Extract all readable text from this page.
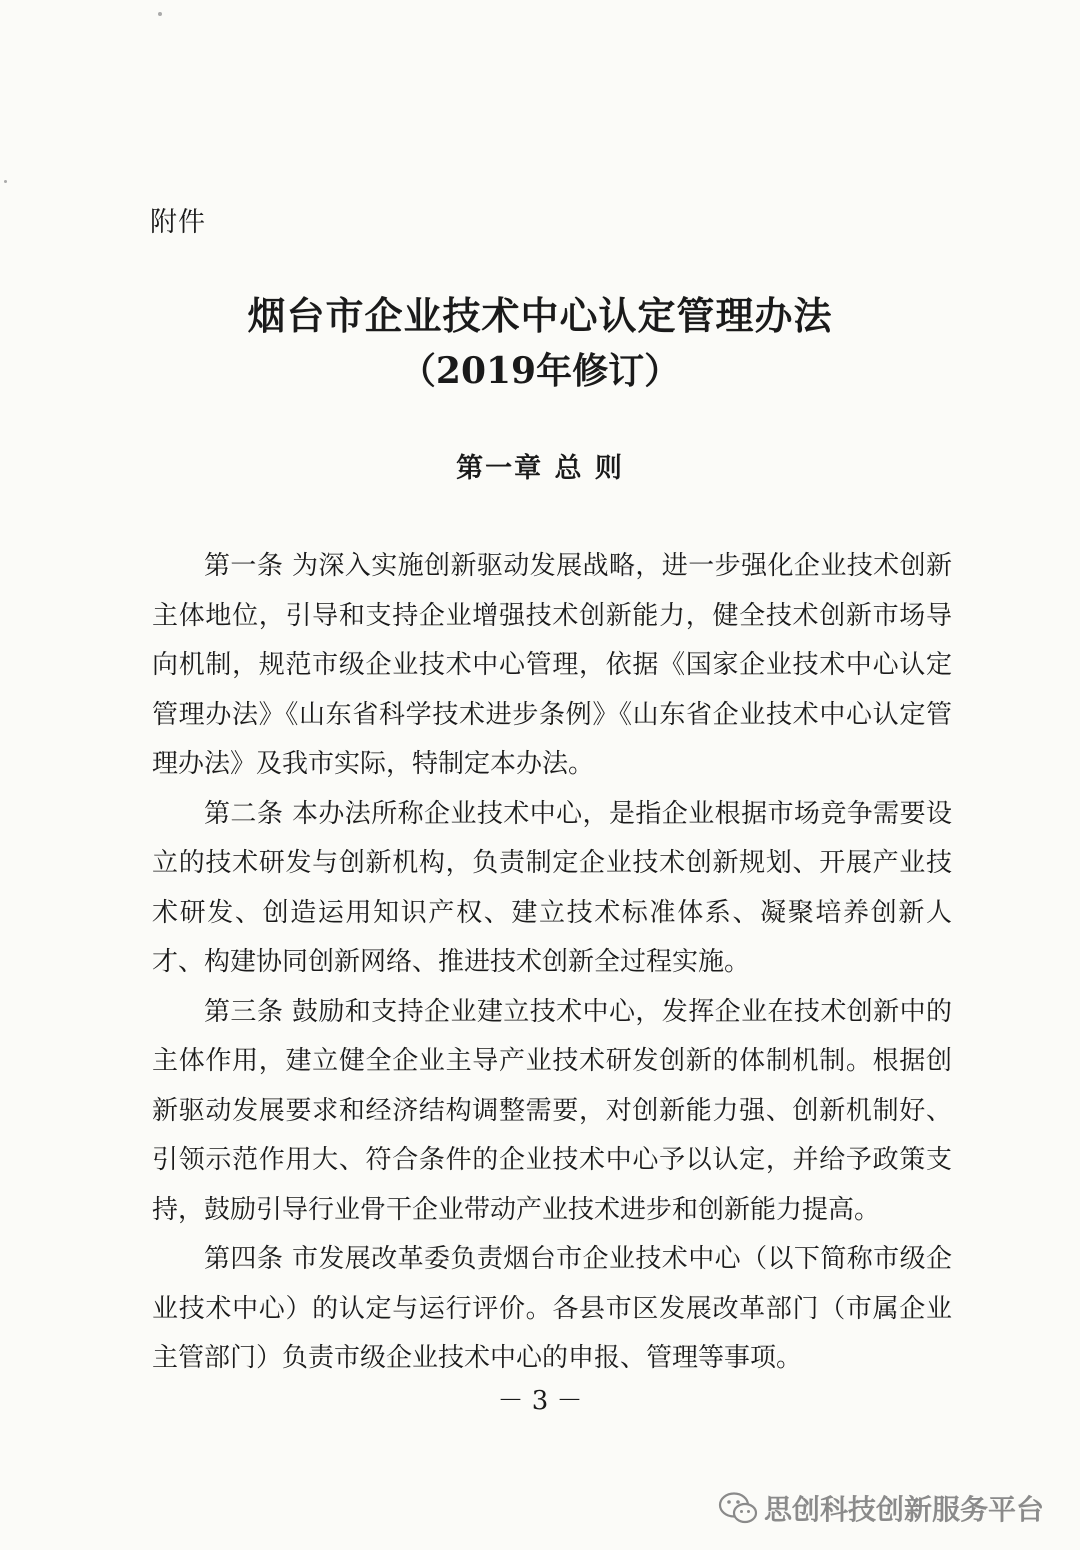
附件
烟台市企业技术中心认定管理办法
（2019年修订）
第一章 总 则

第一条 为深入实施创新驱动发展战略，进一步强化企业技术创新主体地位，引导和支持企业增强技术创新能力，健全技术创新市场导向机制，规范市级企业技术中心管理，依据《国家企业技术中心认定管理办法》《山东省科学技术进步条例》《山东省企业技术中心认定管理办法》及我市实际，特制定本办法。

第二条 本办法所称企业技术中心，是指企业根据市场竞争需要设立的技术研发与创新机构，负责制定企业技术创新规划、开展产业技术研发、创造运用知识产权、建立技术标准体系、凝聚培养创新人才、构建协同创新网络、推进技术创新全过程实施。

第三条 鼓励和支持企业建立技术中心，发挥企业在技术创新中的主体作用，建立健全企业主导产业技术研发创新的体制机制。根据创新驱动发展要求和经济结构调整需要，对创新能力强、创新机制好、引领示范作用大、符合条件的企业技术中心予以认定，并给予政策支持，鼓励引导行业骨干企业带动产业技术进步和创新能力提高。

第四条 市发展改革委负责烟台市企业技术中心（以下简称市级企业技术中心）的认定与运行评价。各县市区发展改革部门（市属企业主管部门）负责市级企业技术中心的申报、管理等事项。

－ 3 －
思创科技创新服务平台
